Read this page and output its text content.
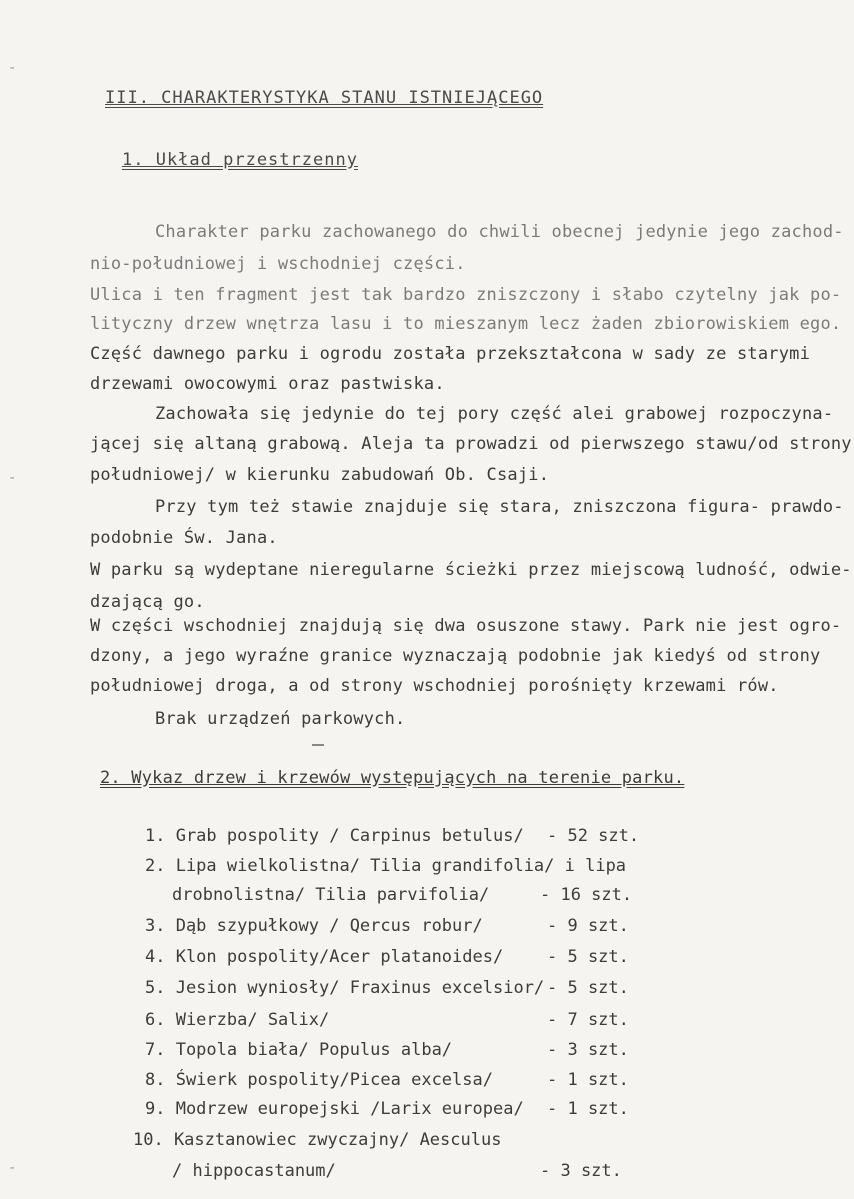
-
-
-
III. CHARAKTERYSTYKA STANU ISTNIEJĄCEGO
1. Układ przestrzenny
Charakter parku zachowanego do chwili obecnej jedynie jego zachod-
nio-południowej i wschodniej części.
Ulica i ten fragment jest tak bardzo zniszczony i słabo czytelny jak po-
lityczny drzew wnętrza lasu i to mieszanym lecz żaden zbiorowiskiem ego.
Część dawnego parku i ogrodu została przekształcona w sady ze starymi
drzewami owocowymi oraz pastwiska.
Zachowała się jedynie do tej pory część alei grabowej rozpoczyna-
jącej się altaną grabową. Aleja ta prowadzi od pierwszego stawu/od strony
południowej/ w kierunku zabudowań Ob. Csaji.
Przy tym też stawie znajduje się stara, zniszczona figura- prawdo-
podobnie Św. Jana.
W parku są wydeptane nieregularne ścieżki przez miejscową ludność, odwie-
dzającą go.
W części wschodniej znajdują się dwa osuszone stawy. Park nie jest ogro-
dzony, a jego wyraźne granice wyznaczają podobnie jak kiedyś od strony
południowej droga, a od strony wschodniej porośnięty krzewami rów.
Brak urządzeń parkowych.
2. Wykaz drzew i krzewów występujących na terenie parku.
1. Grab pospolity / Carpinus betulus/ - 52 szt.
2. Lipa wielkolistna/ Tilia grandifolia/ i lipa
drobnolistna/ Tilia parvifolia/	- 16 szt.
3. Dąb szypułkowy / Qercus robur/	- 9 szt.
4. Klon pospolity/Acer platanoides/	- 5 szt.
5. Jesion wyniosły/ Fraxinus excelsior/ - 5 szt.
6. Wierzba/ Salix/	- 7 szt.
7. Topola biała/ Populus alba/	- 3 szt.
8. Świerk pospolity/Picea excelsa/	- 1 szt.
9. Modrzew europejski /Larix europea/ - 1 szt.
10. Kasztanowiec zwyczajny/ Aesculus
/ hippocastanum/	- 3 szt.
